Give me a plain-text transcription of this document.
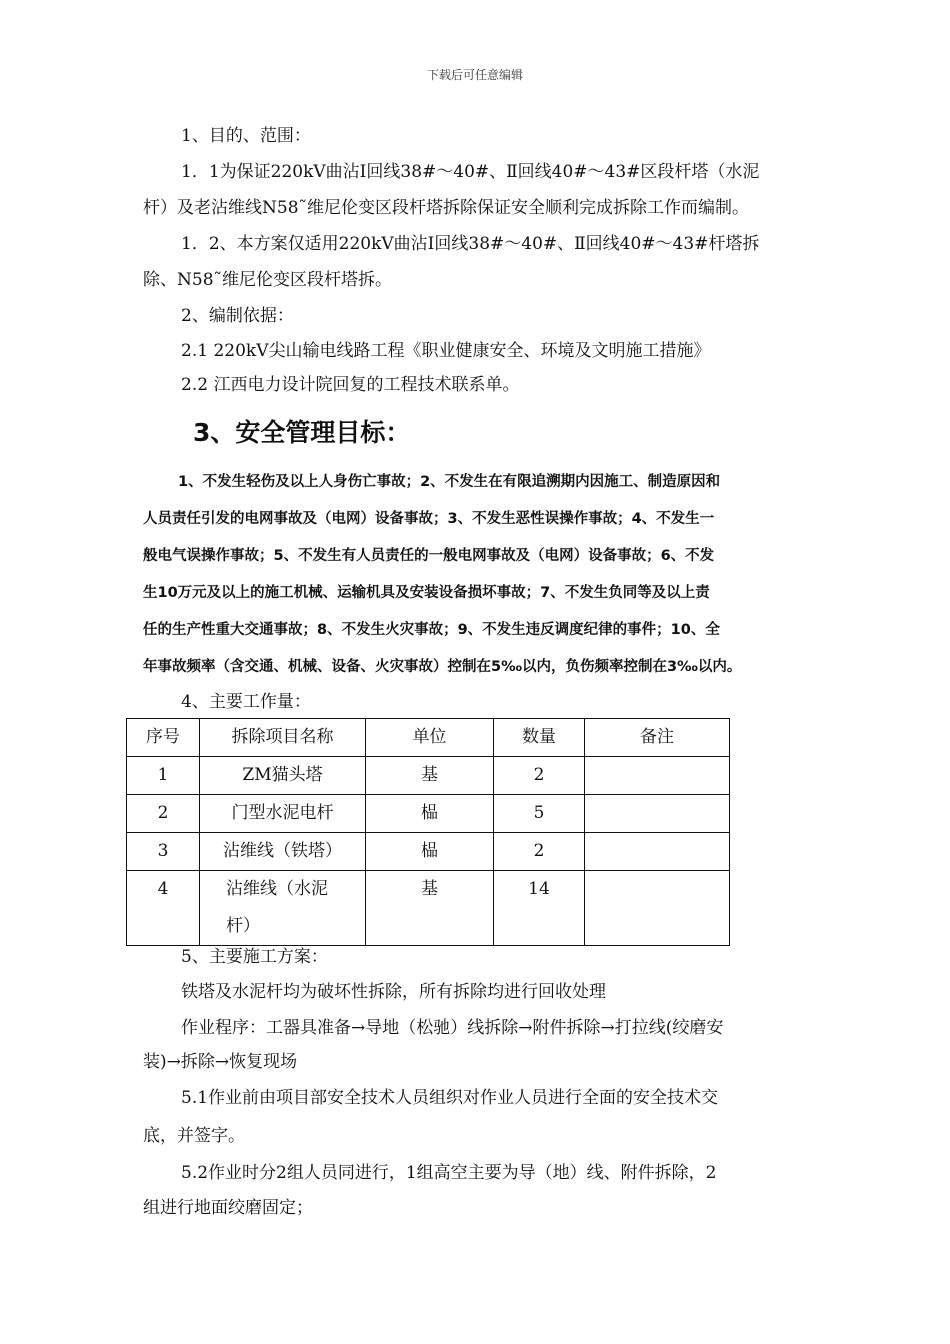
下载后可任意编辑

1、目的、范围：

1．1为保证220kV曲沾Ⅰ回线38#～40#、Ⅱ回线40#～43#区段杆塔（水泥

杆）及老沾维线N58˜维尼伦变区段杆塔拆除保证安全顺利完成拆除工作而编制。

1．2、本方案仅适用220kV曲沾Ⅰ回线38#～40#、Ⅱ回线40#～43#杆塔拆

除、N58˜维尼伦变区段杆塔拆。

2、编制依据：

2.1 220kV尖山输电线路工程《职业健康安全、环境及文明施工措施》

2.2 江西电力设计院回复的工程技术联系单。

3、安全管理目标：

1、不发生轻伤及以上人身伤亡事故；2、不发生在有限追溯期内因施工、制造原因和

人员责任引发的电网事故及（电网）设备事故；3、不发生恶性误操作事故；4、不发生一

般电气误操作事故；5、不发生有人员责任的一般电网事故及（电网）设备事故；6、不发

生10万元及以上的施工机械、运输机具及安装设备损坏事故；7、不发生负同等及以上责

任的生产性重大交通事故；8、不发生火灾事故；9、不发生违反调度纪律的事件；10、全

年事故频率（含交通、机械、设备、火灾事故）控制在5‰以内，负伤频率控制在3‰以内。

4、主要工作量：

序号	拆除项目名称	单位	数量	备注
1	ZM猫头塔	基	2	
2	门型水泥电杆	榀	5	
3	沾维线（铁塔）	榀	2	
4	沾维线（水泥杆）	基	14	

5、主要施工方案：

铁塔及水泥杆均为破坏性拆除，所有拆除均进行回收处理

作业程序：工器具准备→导地（松驰）线拆除→附件拆除→打拉线(绞磨安

装)→拆除→恢复现场

5.1作业前由项目部安全技术人员组织对作业人员进行全面的安全技术交

底，并签字。

5.2作业时分2组人员同进行，1组高空主要为导（地）线、附件拆除，2

组进行地面绞磨固定；
